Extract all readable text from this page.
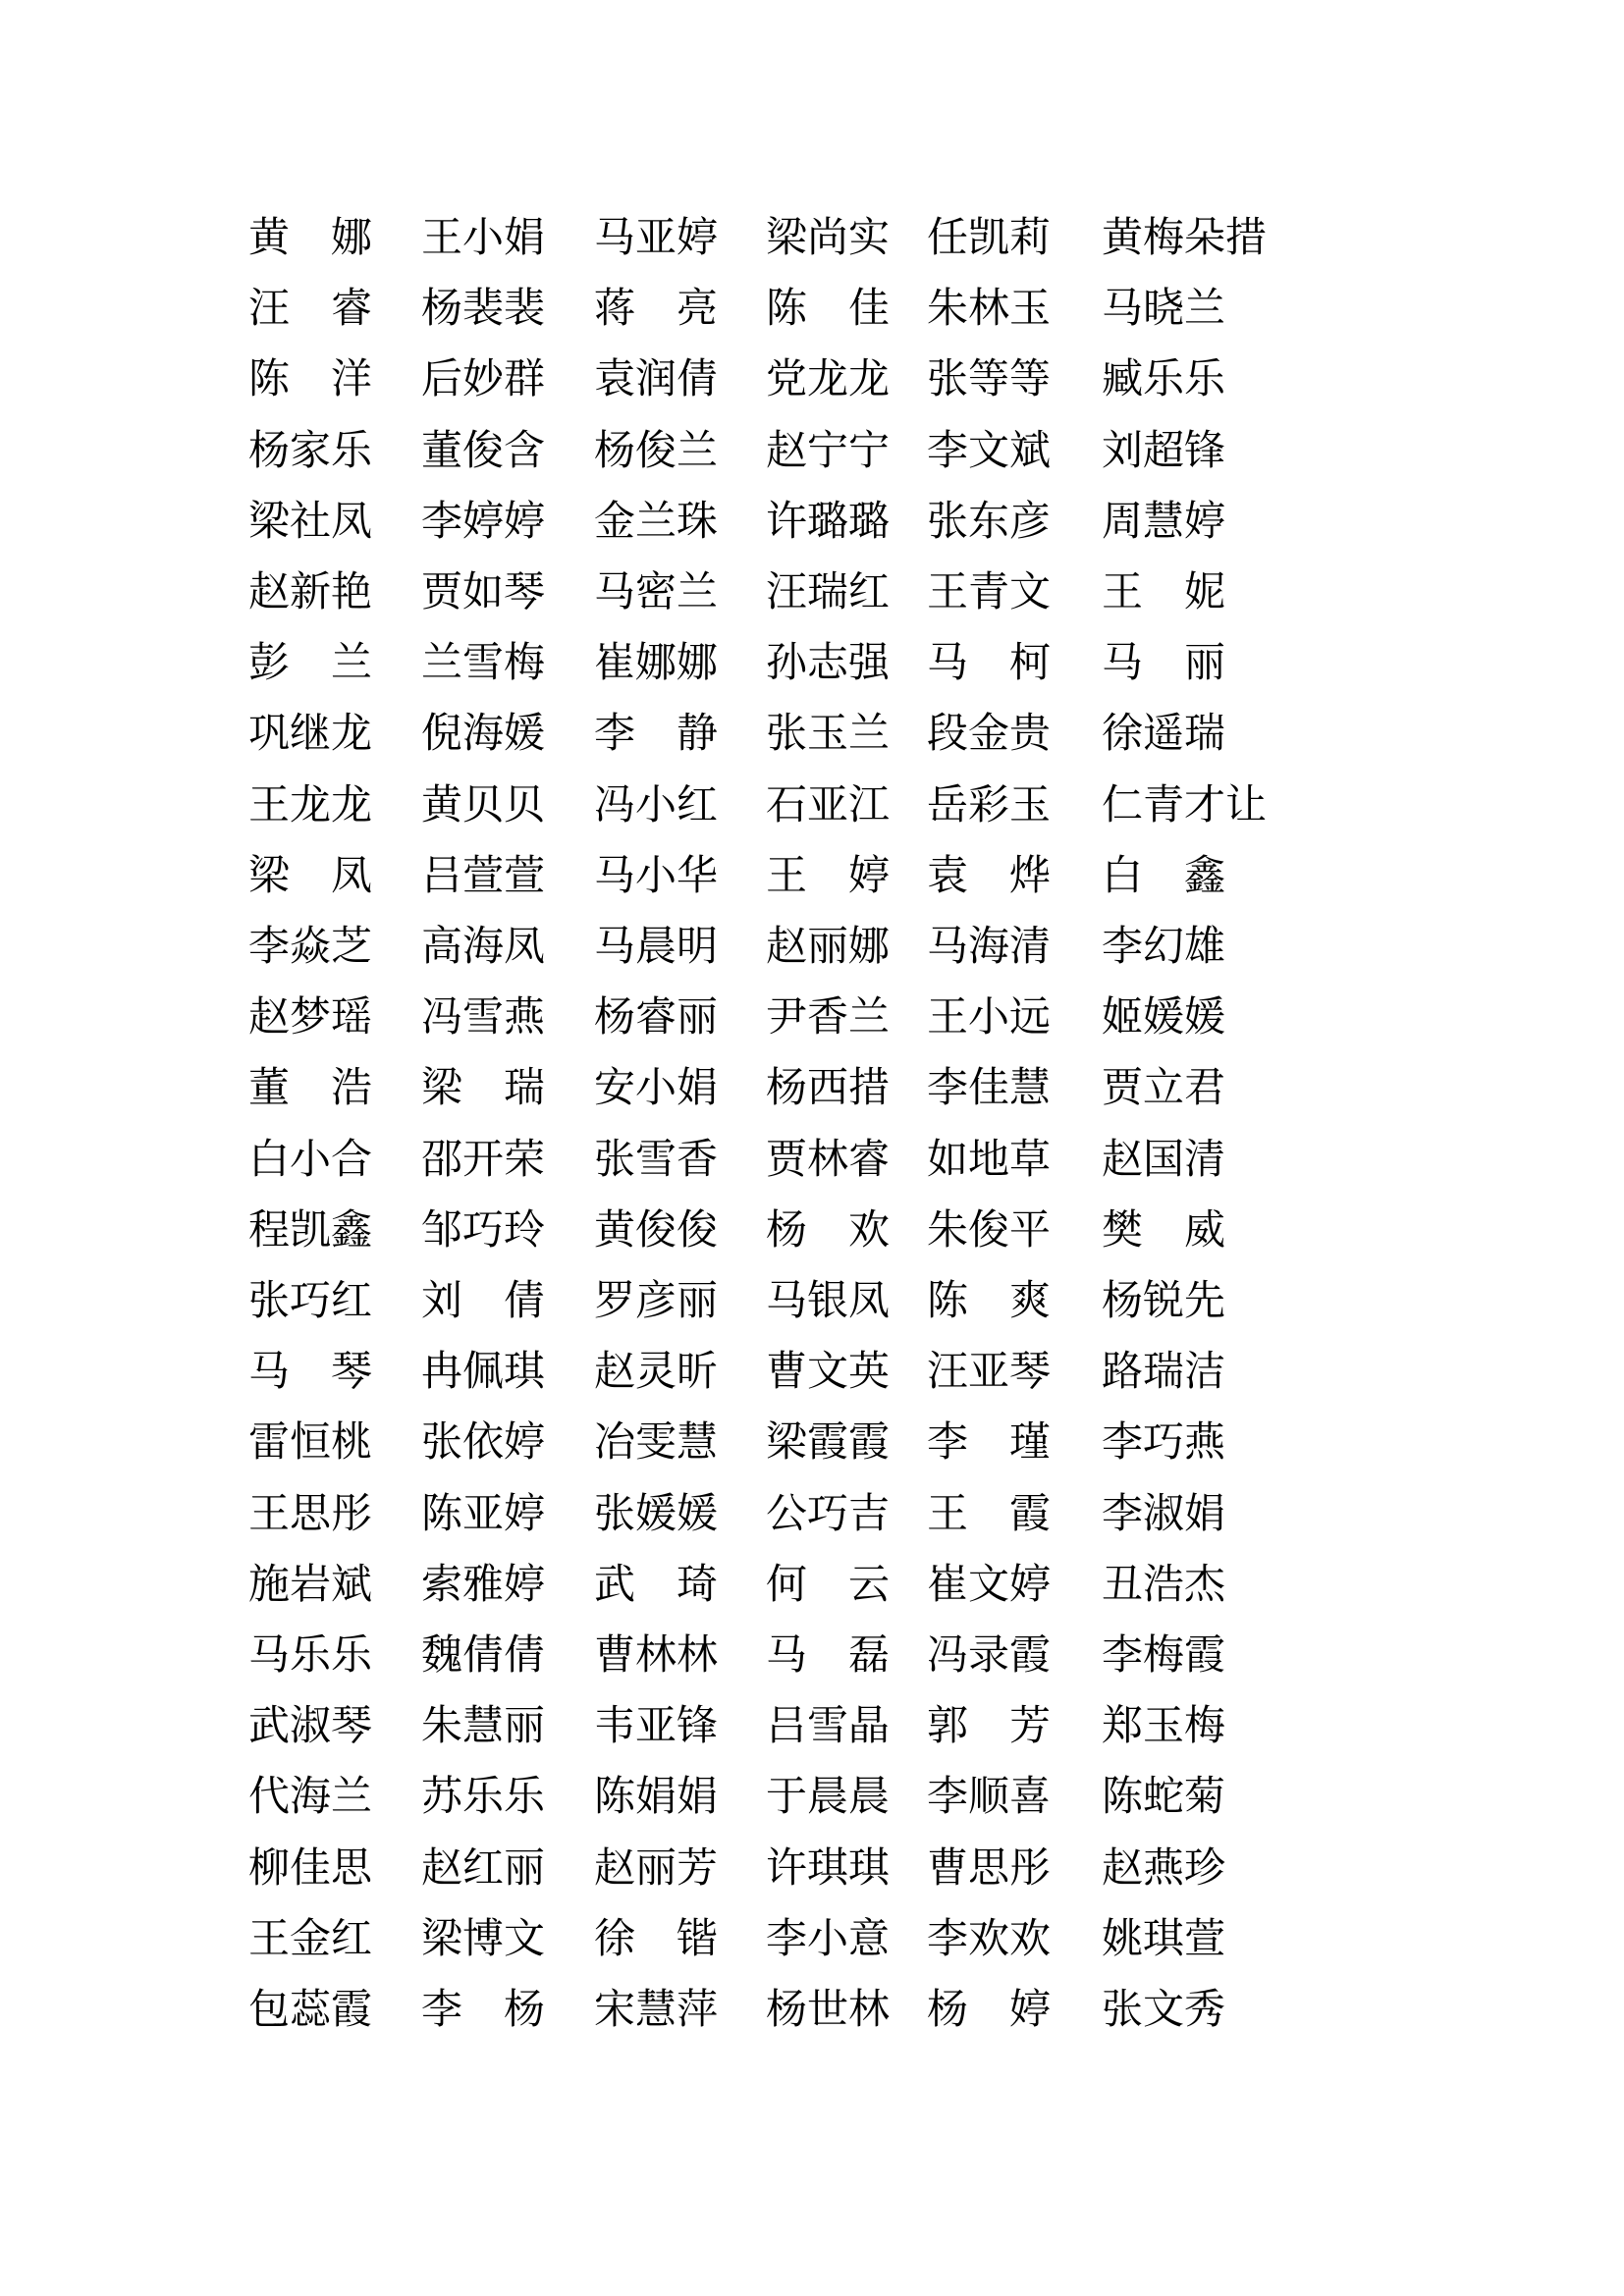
黄　娜 王小娟 马亚婷 梁尚实 任凯莉 黄梅朵措
汪　睿 杨裴裴 蒋　亮 陈　佳 朱林玉 马晓兰
陈　洋 后妙群 袁润倩 党龙龙 张等等 臧乐乐
杨家乐 董俊含 杨俊兰 赵宁宁 李文斌 刘超锋
梁社凤 李婷婷 金兰珠 许璐璐 张东彦 周慧婷
赵新艳 贾如琴 马密兰 汪瑞红 王青文 王　妮
彭　兰 兰雪梅 崔娜娜 孙志强 马　柯 马　丽
巩继龙 倪海媛 李　静 张玉兰 段金贵 徐遥瑞
王龙龙 黄贝贝 冯小红 石亚江 岳彩玉 仁青才让
梁　凤 吕萱萱 马小华 王　婷 袁　烨 白　鑫
李焱芝 高海凤 马晨明 赵丽娜 马海清 李幻雄
赵梦瑶 冯雪燕 杨睿丽 尹香兰 王小远 姬媛媛
董　浩 梁　瑞 安小娟 杨西措 李佳慧 贾立君
白小合 邵开荣 张雪香 贾林睿 如地草 赵国清
程凯鑫 邹巧玲 黄俊俊 杨　欢 朱俊平 樊　威
张巧红 刘　倩 罗彦丽 马银凤 陈　爽 杨锐先
马　琴 冉佩琪 赵灵昕 曹文英 汪亚琴 路瑞洁
雷恒桃 张依婷 冶雯慧 梁霞霞 李　瑾 李巧燕
王思彤 陈亚婷 张媛媛 公巧吉 王　霞 李淑娟
施岩斌 索雅婷 武　琦 何　云 崔文婷 丑浩杰
马乐乐 魏倩倩 曹林林 马　磊 冯录霞 李梅霞
武淑琴 朱慧丽 韦亚锋 吕雪晶 郭　芳 郑玉梅
代海兰 苏乐乐 陈娟娟 于晨晨 李顺喜 陈蛇菊
柳佳思 赵红丽 赵丽芳 许琪琪 曹思彤 赵燕珍
王金红 梁博文 徐　锴 李小意 李欢欢 姚琪萱
包蕊霞 李　杨 宋慧萍 杨世林 杨　婷 张文秀
